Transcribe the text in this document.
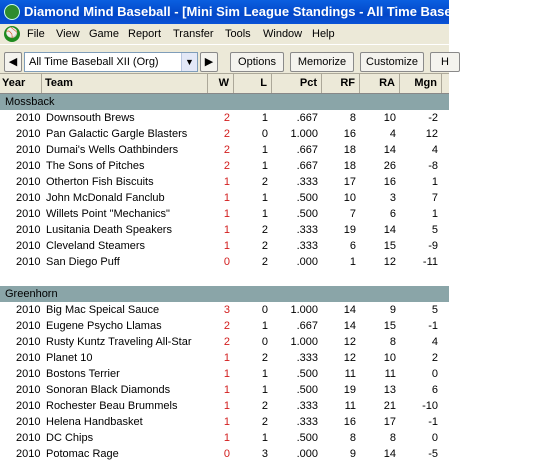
Diamond Mind Baseball - [Mini Sim League Standings - All Time Baseball XII (Org)]
⚾ File View Game Report Transfer Tools Window Help
◀	All Time Baseball XII (Org)	▼ ▶	Options	Memorize	Customize	H
Year	Team	W	L	Pct	RF	RA	Mgn
Mossback
2010 Downsouth Brews	2	1	.667	8	10	-2
2010 Pan Galactic Gargle Blasters	2	0	1.000	16	4	12
2010 Dumai's Wells Oathbinders	2	1	.667	18	14	4
2010 The Sons of Pitches	2	1	.667	18	26	-8
2010 Otherton Fish Biscuits	1	2	.333	17	16	1
2010 John McDonald Fanclub	1	1	.500	10	3	7
2010 Willets Point "Mechanics"	1	1	.500	7	6	1
2010 Lusitania Death Speakers	1	2	.333	19	14	5
2010 Cleveland Steamers	1	2	.333	6	15	-9
2010 San Diego Puff	0	2	.000	1	12	-11
Greenhorn
2010 Big Mac Speical Sauce	3	0	1.000	14	9	5
2010 Eugene Psycho Llamas	2	1	.667	14	15	-1
2010 Rusty Kuntz Traveling All-Star	2	0	1.000	12	8	4
2010 Planet 10	1	2	.333	12	10	2
2010 Bostons Terrier	1	1	.500	11	11	0
2010 Sonoran Black Diamonds	1	1	.500	19	13	6
2010 Rochester Beau Brummels	1	2	.333	11	21	-10
2010 Helena Handbasket	1	2	.333	16	17	-1
2010 DC Chips	1	1	.500	8	8	0
2010 Potomac Rage	0	3	.000	9	14	-5
